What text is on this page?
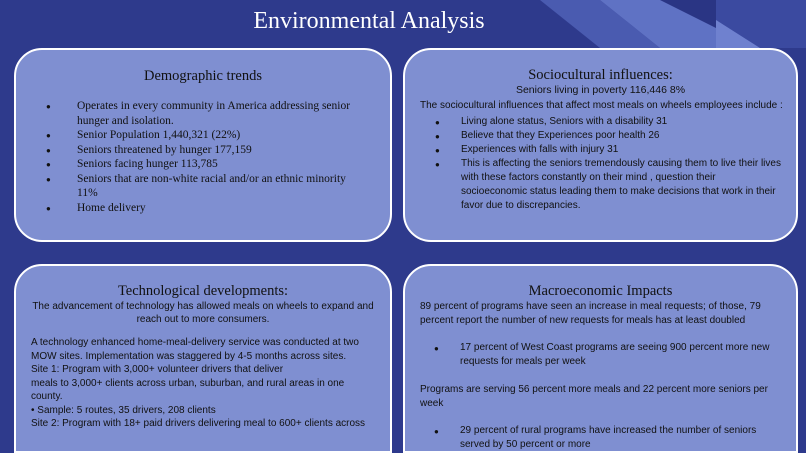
Environmental Analysis
Demographic trends
● Operates in every community in America addressing senior hunger and isolation.
● Senior Population 1,440,321 (22%)
● Seniors threatened by hunger 177,159
● Seniors facing hunger 113,785
● Seniors that are non-white racial and/or an ethnic minority 11%
● Home delivery
Sociocultural influences:
Seniors living in poverty 116,446 8%

The sociocultural influences that affect most meals on wheels employees include :

● Living alone status, Seniors with a disability 31
● Believe that they Experiences poor health 26
● Experiences with falls with injury 31
● This is affecting the seniors tremendously causing them to live their lives with these factors constantly on their mind , question their socioeconomic status leading them to make decisions that work in their favor due to discrepancies.
Technological developments:
The advancement of technology has allowed meals on wheels to expand and reach out to more consumers.

A technology enhanced home-meal-delivery service was conducted at two MOW sites. Implementation was staggered by 4-5 months across sites.

Site 1: Program with 3,000+ volunteer drivers that deliver

meals to 3,000+ clients across urban, suburban, and rural areas in one county.

• Sample: 5 routes, 35 drivers, 208 clients

Site 2: Program with 18+ paid drivers delivering meal to 600+ clients across

Macroeconomic Impacts

89 percent of programs have seen an increase in meal requests; of those, 79 percent report the number of new requests for meals has at least doubled

● 17 percent of West Coast programs are seeing 900 percent more new requests for meals per week

Programs are serving 56 percent more meals and 22 percent more seniors per week

● 29 percent of rural programs have increased the number of seniors served by 50 percent or more
